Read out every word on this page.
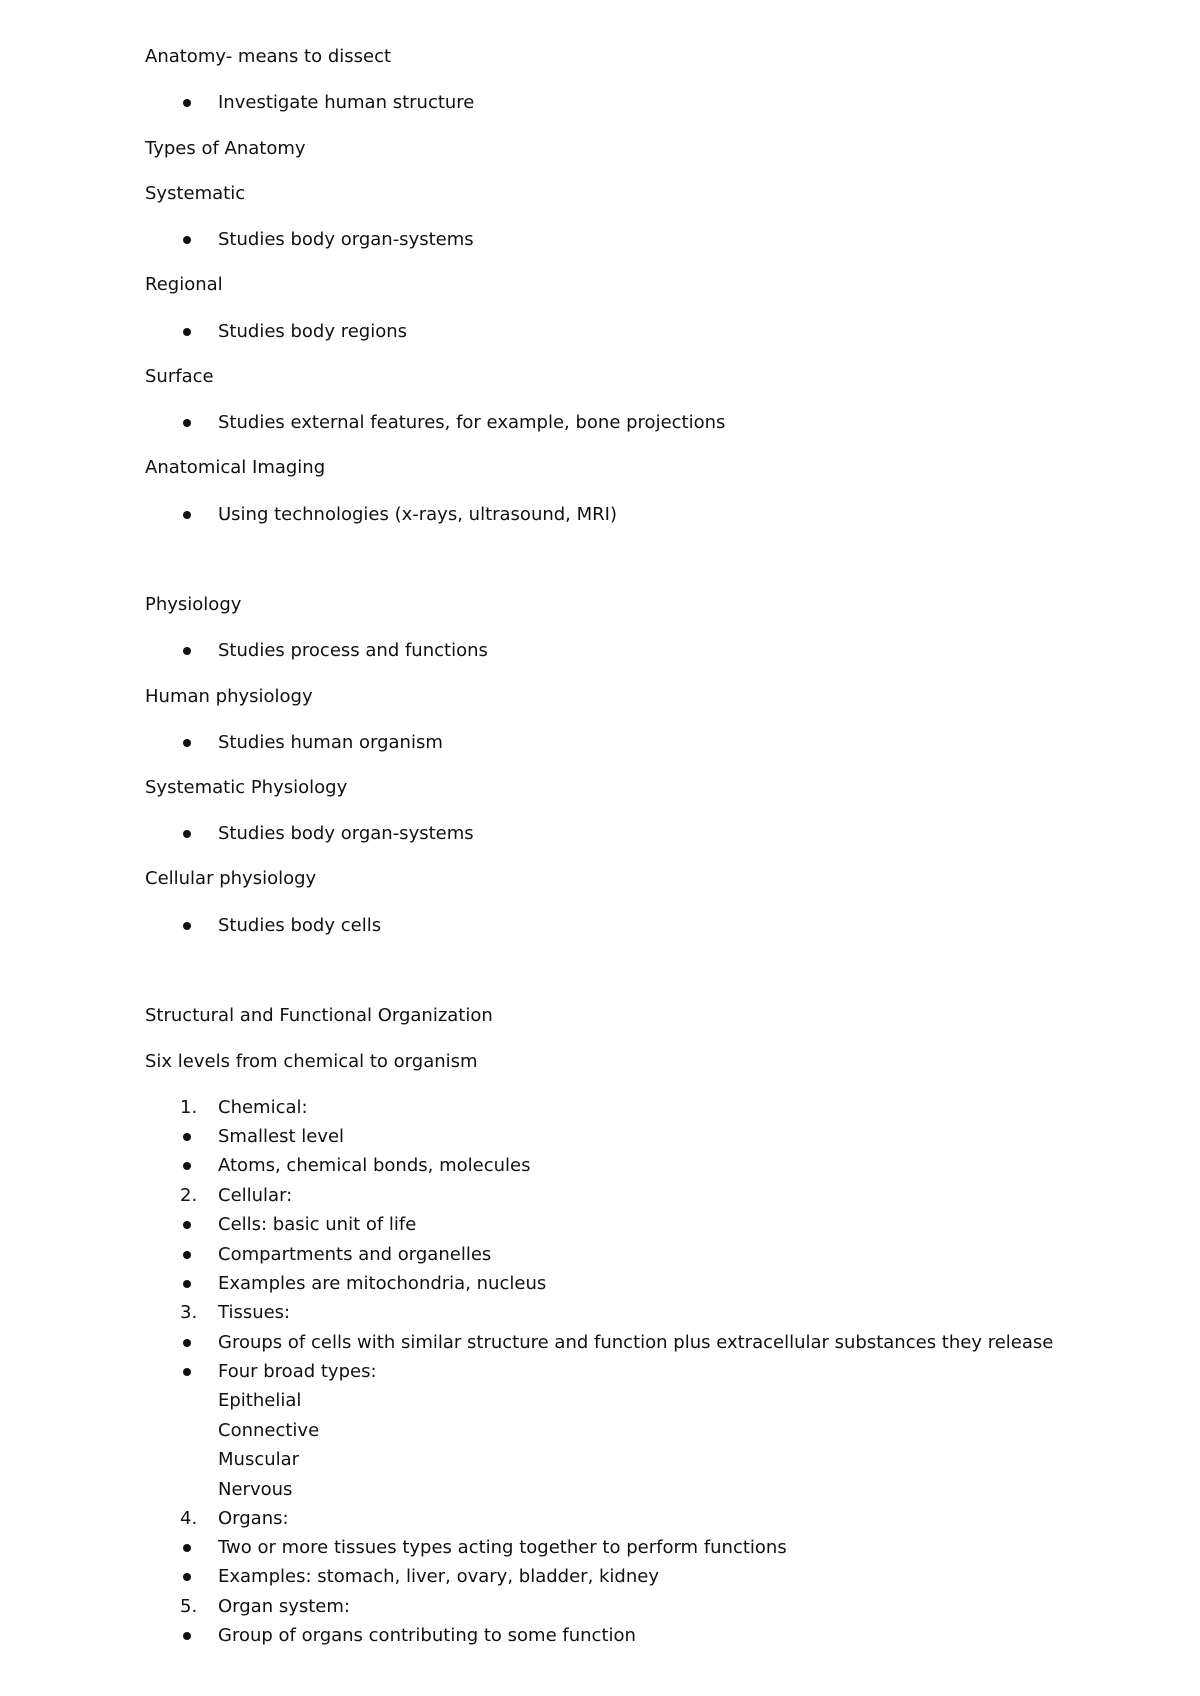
Anatomy- means to dissect
Investigate human structure
Types of Anatomy
Systematic
Studies body organ-systems
Regional
Studies body regions
Surface
Studies external features, for example, bone projections
Anatomical Imaging
Using technologies (x-rays, ultrasound, MRI)
Physiology
Studies process and functions
Human physiology
Studies human organism
Systematic Physiology
Studies body organ-systems
Cellular physiology
Studies body cells
Structural and Functional Organization
Six levels from chemical to organism
1.	Chemical:
Smallest level
Atoms, chemical bonds, molecules
2.	Cellular:
Cells: basic unit of life
Compartments and organelles
Examples are mitochondria, nucleus
3.	Tissues:
Groups of cells with similar structure and function plus extracellular substances they release
Four broad types:
Epithelial
Connective
Muscular
Nervous
4.	Organs:
Two or more tissues types acting together to perform functions
Examples: stomach, liver, ovary, bladder, kidney
5.	Organ system:
Group of organs contributing to some function
